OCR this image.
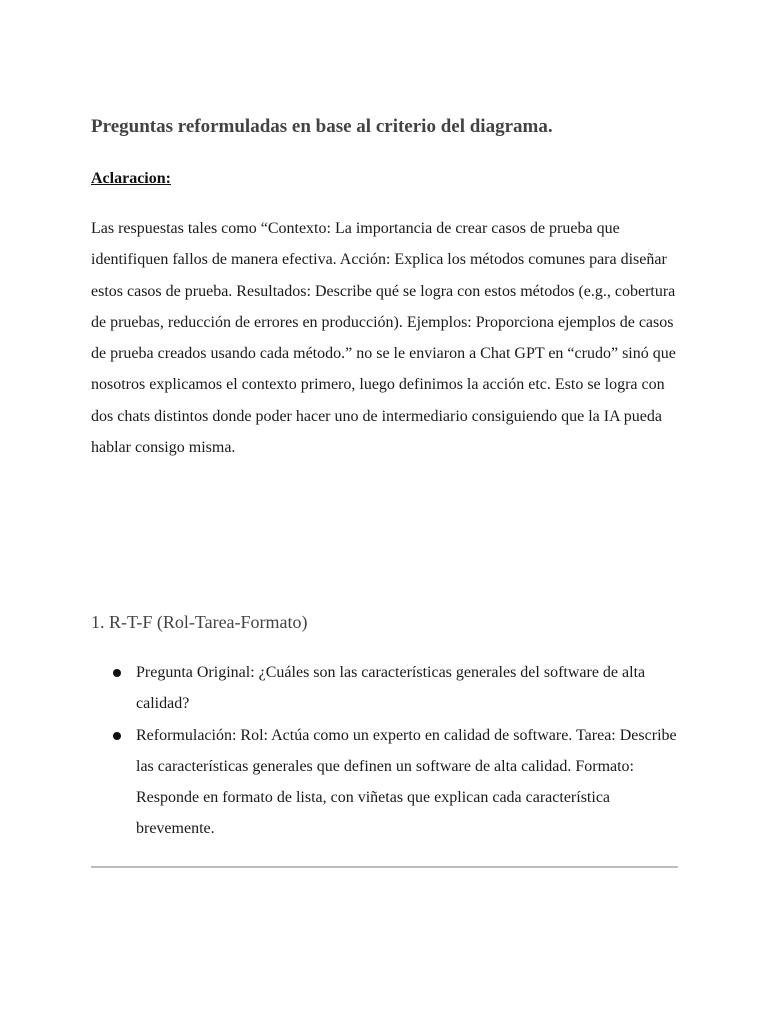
Preguntas reformuladas en base al criterio del diagrama.

Aclaracion:

Las respuestas tales como “Contexto: La importancia de crear casos de prueba que identifiquen fallos de manera efectiva. Acción: Explica los métodos comunes para diseñar estos casos de prueba. Resultados: Describe qué se logra con estos métodos (e.g., cobertura de pruebas, reducción de errores en producción). Ejemplos: Proporciona ejemplos de casos de prueba creados usando cada método.” no se le enviaron a Chat GPT en “crudo” sinó que nosotros explicamos el contexto primero, luego definimos la acción etc. Esto se logra con dos chats distintos donde poder hacer uno de intermediario consiguiendo que la IA pueda hablar consigo misma.

1. R-T-F (Rol-Tarea-Formato)
Pregunta Original: ¿Cuáles son las características generales del software de alta calidad?
Reformulación: Rol: Actúa como un experto en calidad de software. Tarea: Describe las características generales que definen un software de alta calidad. Formato: Responde en formato de lista, con viñetas que explican cada característica brevemente.
